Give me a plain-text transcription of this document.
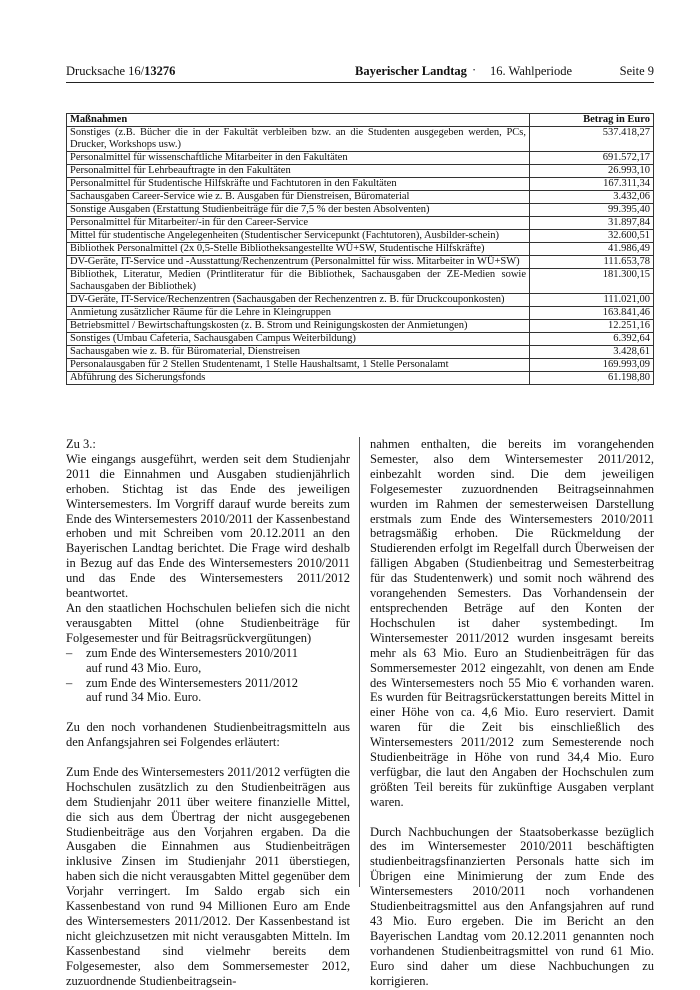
Drucksache 16/13276	Bayerischer Landtag · 16. Wahlperiode	Seite 9
Maßnahmen	Betrag in Euro
Sonstiges (z.B. Bücher die in der Fakultät verbleiben bzw. an die Studenten ausgegeben werden, PCs, Drucker, Workshops usw.)	537.418,27
Personalmittel für wissenschaftliche Mitarbeiter in den Fakultäten	691.572,17
Personalmittel für Lehrbeauftragte in den Fakultäten	26.993,10
Personalmittel für Studentische Hilfskräfte und Fachtutoren in den Fakultäten	167.311,34
Sachausgaben Career-Service wie z. B. Ausgaben für Dienstreisen, Büromaterial	3.432,06
Sonstige Ausgaben (Erstattung Studienbeiträge für die 7,5 % der besten Absolventen)	99.395,40
Personalmittel für Mitarbeiter/-in für den Career-Service	31.897,84
Mittel für studentische Angelegenheiten (Studentischer Servicepunkt (Fachtutoren), Ausbilder-schein)	32.600,51
Bibliothek Personalmittel (2x 0,5-Stelle Bibliotheksangestellte WÜ+SW, Studentische Hilfskräfte)	41.986,49
DV-Geräte, IT-Service und -Ausstattung/Rechenzentrum (Personalmittel für wiss. Mitarbeiter in WÜ+SW)	111.653,78
Bibliothek, Literatur, Medien (Printliteratur für die Bibliothek, Sachausgaben der ZE-Medien sowie Sachausgaben der Bibliothek)	181.300,15
DV-Geräte, IT-Service/Rechenzentren (Sachausgaben der Rechenzentren z. B. für Druckcouponkosten)	111.021,00
Anmietung zusätzlicher Räume für die Lehre in Kleingruppen	163.841,46
Betriebsmittel / Bewirtschaftungskosten (z. B. Strom und Reinigungskosten der Anmietungen)	12.251,16
Sonstiges (Umbau Cafeteria, Sachausgaben Campus Weiterbildung)	6.392,64
Sachausgaben wie z. B. für Büromaterial, Dienstreisen	3.428,61
Personalausgaben für 2 Stellen Studentenamt, 1 Stelle Haushaltsamt, 1 Stelle Personalamt	169.993,09
Abführung des Sicherungsfonds	61.198,80

Zu 3.:

Wie eingangs ausgeführt, werden seit dem Studienjahr 2011 die Einnahmen und Ausgaben studienjährlich erhoben. Stichtag ist das Ende des jeweiligen Wintersemesters. Im Vorgriff darauf wurde bereits zum Ende des Wintersemesters 2010/2011 der Kassenbestand erhoben und mit Schreiben vom 20.12.2011 an den Bayerischen Landtag berichtet. Die Frage wird deshalb in Bezug auf das Ende des Wintersemesters 2010/2011 und das Ende des Wintersemesters 2011/2012 beantwortet.

An den staatlichen Hochschulen beliefen sich die nicht verausgabten Mittel (ohne Studienbeiträge für Folgesemester und für Beitragsrückvergütungen)

– zum Ende des Wintersemesters 2010/2011
auf rund 43 Mio. Euro,
– zum Ende des Wintersemesters 2011/2012
auf rund 34 Mio. Euro.

Zu den noch vorhandenen Studienbeitragsmitteln aus den Anfangsjahren sei Folgendes erläutert:

Zum Ende des Wintersemesters 2011/2012 verfügten die Hochschulen zusätzlich zu den Studienbeiträgen aus dem Studienjahr 2011 über weitere finanzielle Mittel, die sich aus dem Übertrag der nicht ausgegebenen Studienbeiträge aus den Vorjahren ergaben. Da die Ausgaben die Einnahmen aus Studienbeiträgen inklusive Zinsen im Studienjahr 2011 überstiegen, haben sich die nicht verausgabten Mittel gegenüber dem Vorjahr verringert. Im Saldo ergab sich ein Kassenbestand von rund 94 Millionen Euro am Ende des Wintersemesters 2011/2012. Der Kassenbestand ist nicht gleichzusetzen mit nicht verausgabten Mitteln. Im Kassenbestand sind vielmehr bereits dem Folgesemester, also dem Sommersemester 2012, zuzuordnende Studienbeitragsein-

nahmen enthalten, die bereits im vorangehenden Semester, also dem Wintersemester 2011/2012, einbezahlt worden sind. Die dem jeweiligen Folgesemester zuzuordnenden Beitragseinnahmen wurden im Rahmen der semesterweisen Darstellung erstmals zum Ende des Wintersemesters 2010/2011 betragsmäßig erhoben. Die Rückmeldung der Studierenden erfolgt im Regelfall durch Überweisen der fälligen Abgaben (Studienbeitrag und Semesterbeitrag für das Studentenwerk) und somit noch während des vorangehenden Semesters. Das Vorhandensein der entsprechenden Beträge auf den Konten der Hochschulen ist daher systembedingt. Im Wintersemester 2011/2012 wurden insgesamt bereits mehr als 63 Mio. Euro an Studienbeiträgen für das Sommersemester 2012 eingezahlt, von denen am Ende des Wintersemesters noch 55 Mio € vorhanden waren. Es wurden für Beitragsrückerstattungen bereits Mittel in einer Höhe von ca. 4,6 Mio. Euro reserviert. Damit waren für die Zeit bis einschließlich des Wintersemesters 2011/2012 zum Semesterende noch Studienbeiträge in Höhe von rund 34,4 Mio. Euro verfügbar, die laut den Angaben der Hochschulen zum größten Teil bereits für zukünftige Ausgaben verplant waren.

Durch Nachbuchungen der Staatsoberkasse bezüglich des im Wintersemester 2010/2011 beschäftigten studienbeitragsfinanzierten Personals hatte sich im Übrigen eine Minimierung der zum Ende des Wintersemesters 2010/2011 noch vorhandenen Studienbeitragsmittel aus den Anfangsjahren auf rund 43 Mio. Euro ergeben. Die im Bericht an den Bayerischen Landtag vom 20.12.2011 genannten noch vorhandenen Studienbeitragsmittel von rund 61 Mio. Euro sind daher um diese Nachbuchungen zu korrigieren.
